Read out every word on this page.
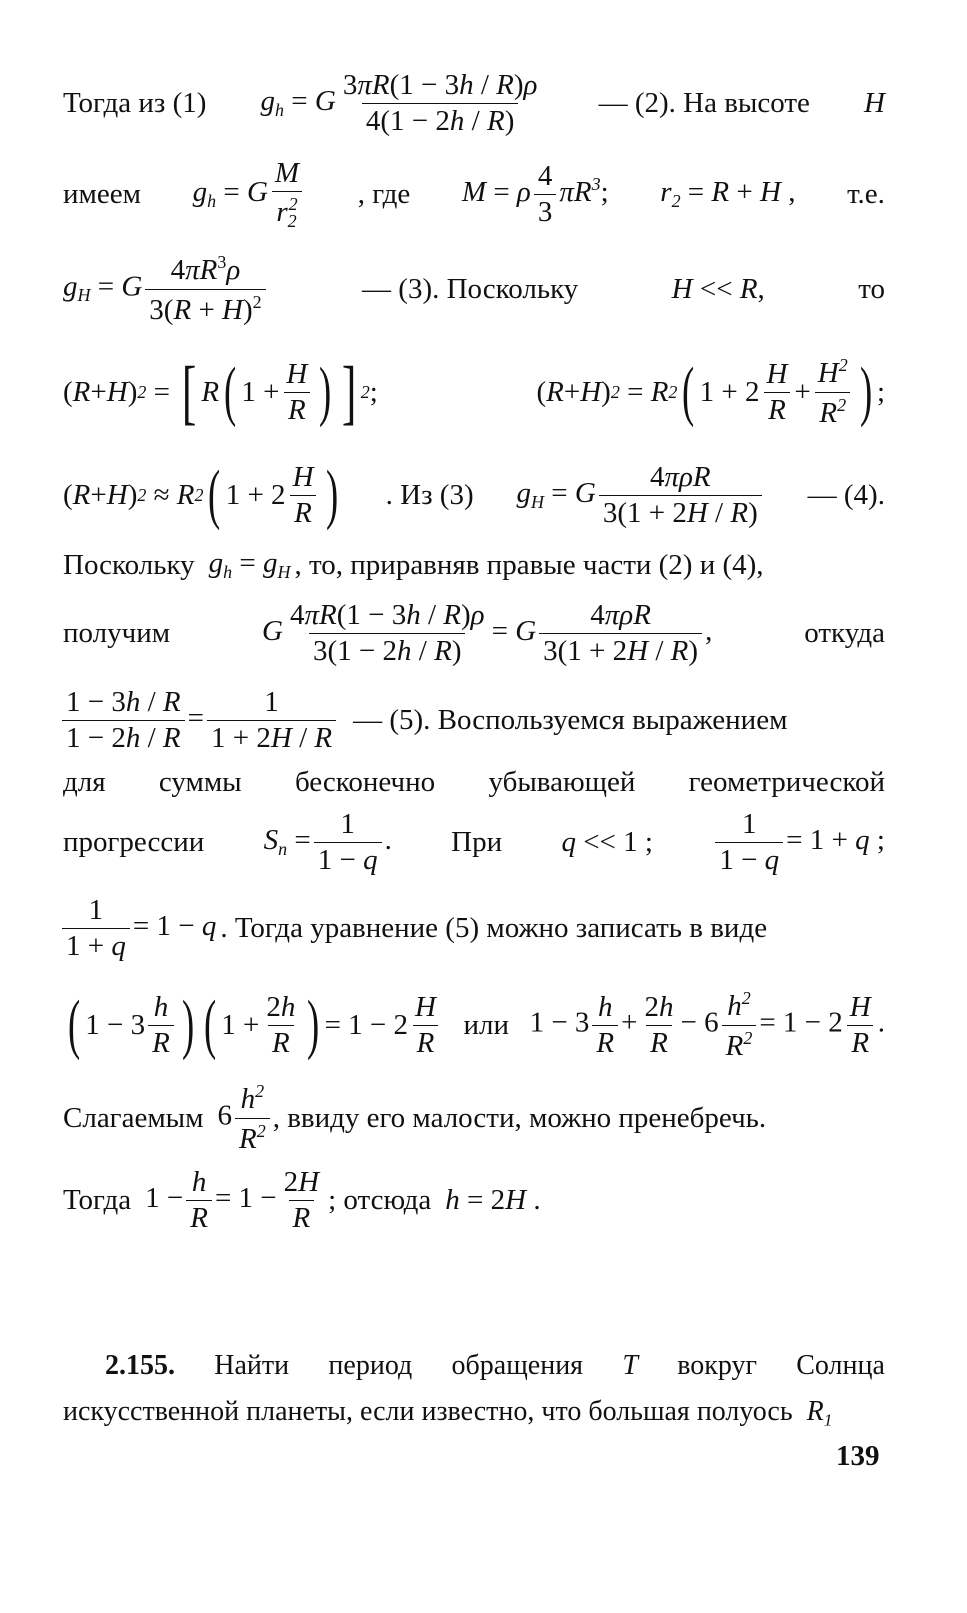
Тогда из (1) $g_h = G \frac{3\pi R(1 - 3h / R)\rho}{4(1 - 2h / R)}$ — (2). На высоте H
имеем $g_h = G \frac{M}{r_2^2}$ , где M = ρ $\frac{4}{3} \pi R^3$; $r_2 = R + H$ , т.е.
$g_H = G \frac{4\pi R^3\rho}{3(R + H)^2}$	— (3). Поскольку	H << R,	то
( R + H ) 2
=
[ R ( $1 + \frac{H}{R}$ ) ] 2 ;	( R + H ) 2
= R 2 ( $1 + 2 \frac{H}{R} + \frac{H^2}{R^2}$ ) ;
( R + H ) 2
≈ R 2 ( $1 + 2 \frac{H}{R}$ ) . Из (3) $g_H = G \frac{\text{4πρR}}{3(1 + 2H / R)}$ — (4).
Поскольку $g_h = g_H$ , то, приравняв правые части (2) и (4),
получим	G $\frac{4\pi R(1 - 3h / R)\rho}{3(1 - 2h / R)} = G \frac{\text{4πρR}}{3(1 + 2H / R)}$ ,	откуда
$\frac{1 - 3h / R}{1 - 2h / R} = \frac{1}{1 + 2H / R}$ — (5). Воспользуемся выражением
для суммы бесконечно убывающей геометрической
прогрессии $S_n = \frac{1}{1 - q}$ . При q << 1 ; $\frac{1}{1 - q} = 1 + q$ ;
$\frac{1}{1 + q} = 1 - q$ . Тогда уравнение (5) можно записать в виде
( $1 - 3 \frac{h}{R}$ ) ( $1 + \frac{2h}{R}$ ) = $1 - 2 \frac{H}{R}$ или $1 - 3 \frac{h}{R} + \frac{2h}{R} - 6 \frac{h^2}{R^2} = 1 - 2 \frac{H}{R}$ .
Слагаемым $6 \frac{h^2}{R^2}$ , ввиду его малости, можно пренебречь.
Тогда $1 - \frac{h}{R} = 1 - \frac{2H}{R}$ ; отсюда h = 2H .
2.155. Найти период обращения T вокруг Солнца
искусственной планеты, если известно, что большая полуось  $R_1$
139
